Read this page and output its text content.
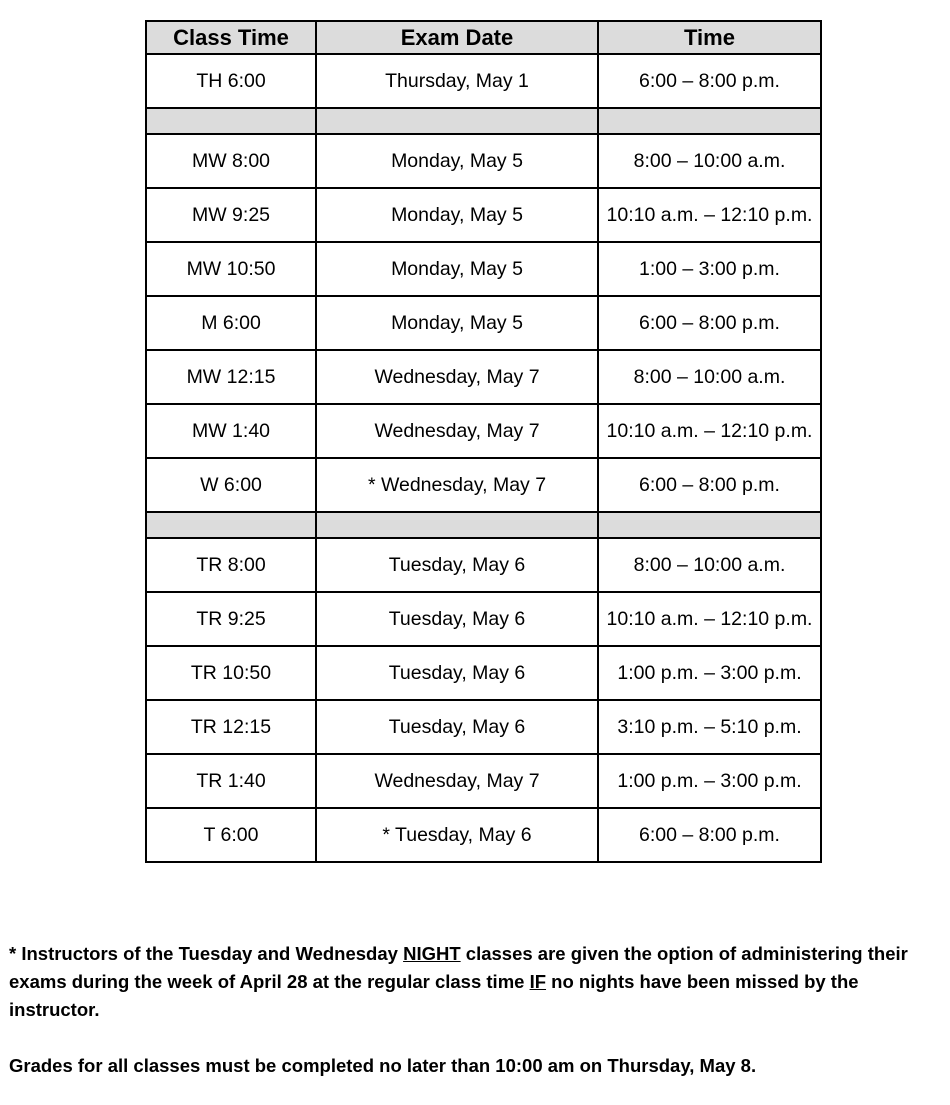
Class Time	Exam Date	Time
TH 6:00	Thursday, May 1	6:00 – 8:00 p.m.

MW 8:00	Monday, May 5	8:00 – 10:00 a.m.
MW 9:25	Monday, May 5	10:10 a.m. – 12:10 p.m.
MW 10:50	Monday, May 5	1:00 – 3:00 p.m.
M 6:00	Monday, May 5	6:00 – 8:00 p.m.
MW 12:15	Wednesday, May 7	8:00 – 10:00 a.m.
MW 1:40	Wednesday, May 7	10:10 a.m. – 12:10 p.m.
W 6:00	* Wednesday, May 7	6:00 – 8:00 p.m.

TR 8:00	Tuesday, May 6	8:00 – 10:00 a.m.
TR 9:25	Tuesday, May 6	10:10 a.m. – 12:10 p.m.
TR 10:50	Tuesday, May 6	1:00 p.m. – 3:00 p.m.
TR 12:15	Tuesday, May 6	3:10 p.m. – 5:10 p.m.
TR 1:40	Wednesday, May 7	1:00 p.m. – 3:00 p.m.
T 6:00	* Tuesday, May 6	6:00 – 8:00 p.m.

* Instructors of the Tuesday and Wednesday NIGHT classes are given the option of administering their exams during the week of April 28 at the regular class time IF no nights have been missed by the instructor.

Grades for all classes must be completed no later than 10:00 am on Thursday, May 8.
